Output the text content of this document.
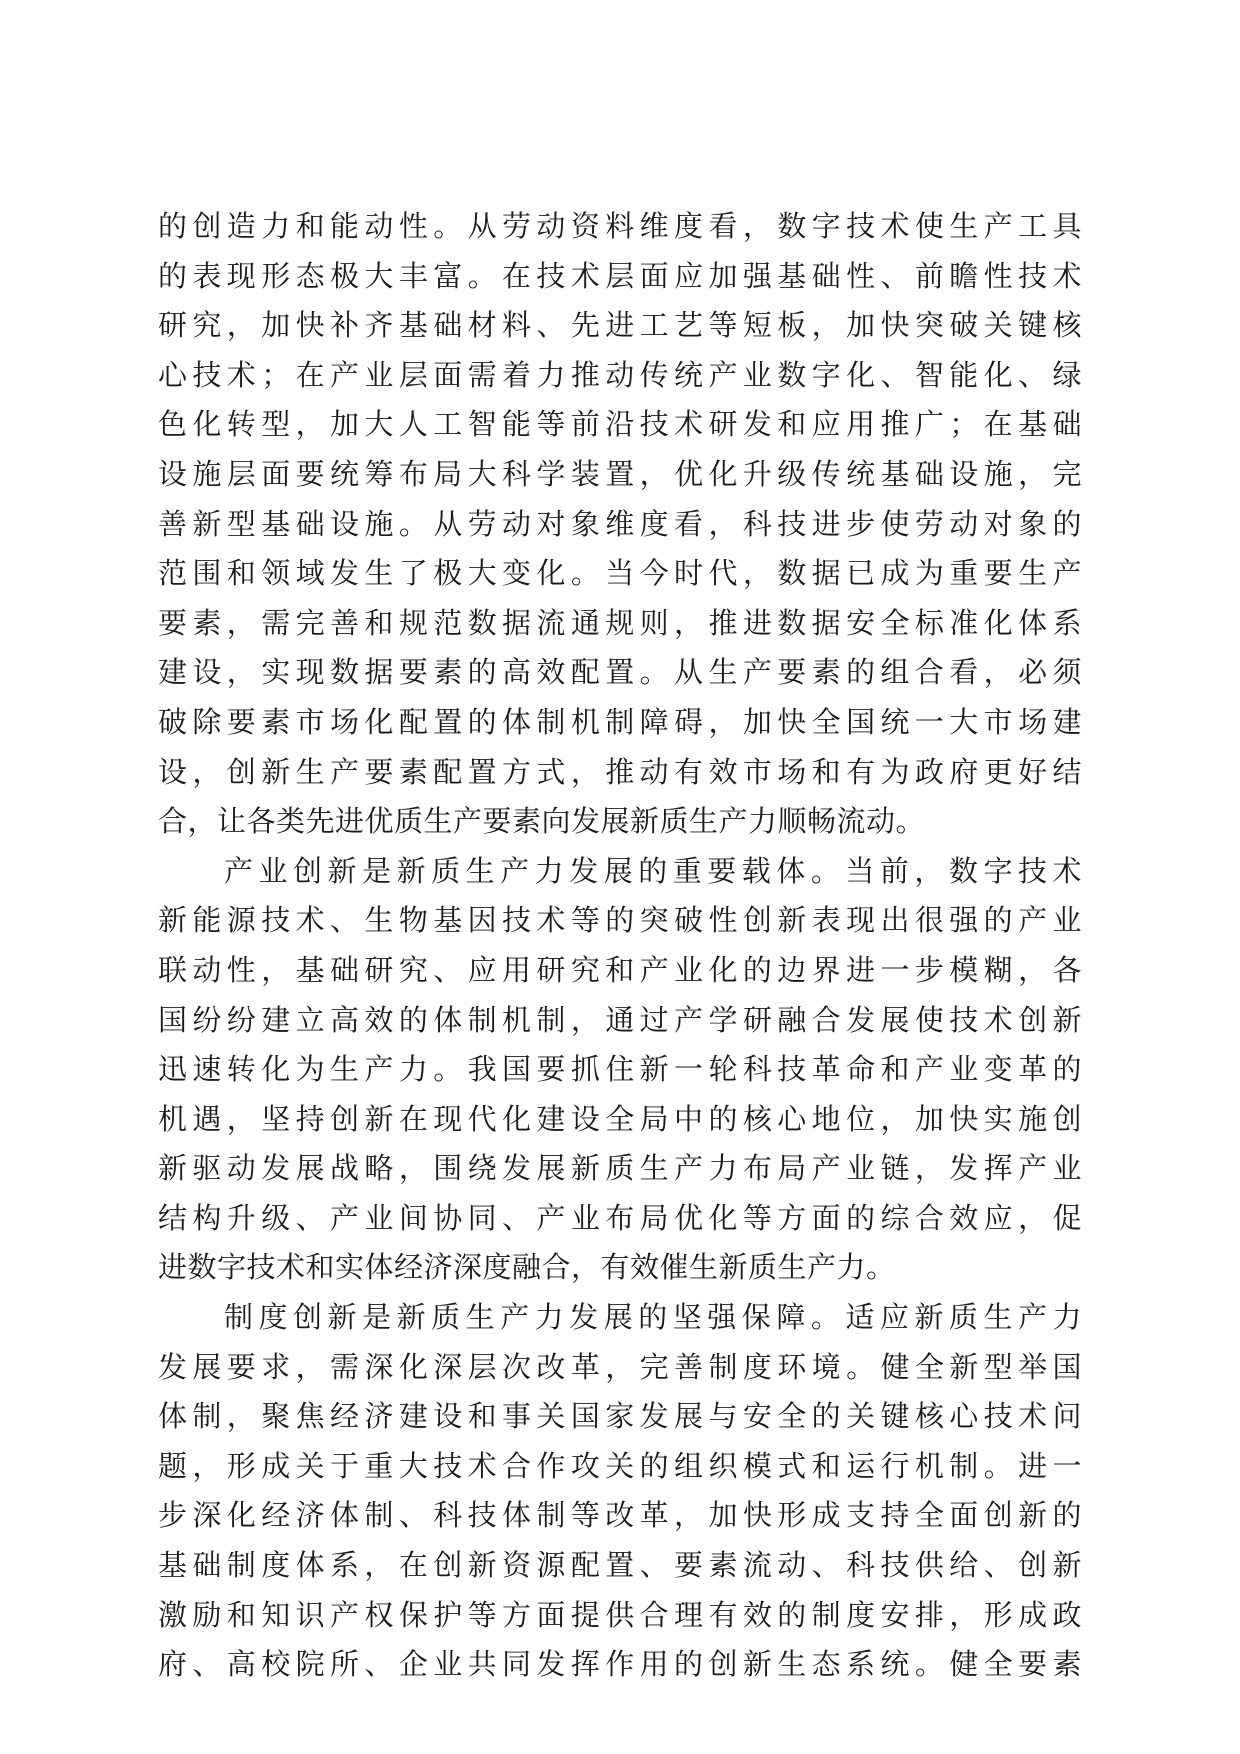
的创造力和能动性。从劳动资料维度看，数字技术使生产工具
的表现形态极大丰富。在技术层面应加强基础性、前瞻性技术
研究，加快补齐基础材料、先进工艺等短板，加快突破关键核
心技术；在产业层面需着力推动传统产业数字化、智能化、绿
色化转型，加大人工智能等前沿技术研发和应用推广；在基础
设施层面要统筹布局大科学装置，优化升级传统基础设施，完
善新型基础设施。从劳动对象维度看，科技进步使劳动对象的
范围和领域发生了极大变化。当今时代，数据已成为重要生产
要素，需完善和规范数据流通规则，推进数据安全标准化体系
建设，实现数据要素的高效配置。从生产要素的组合看，必须
破除要素市场化配置的体制机制障碍，加快全国统一大市场建
设，创新生产要素配置方式，推动有效市场和有为政府更好结
合，让各类先进优质生产要素向发展新质生产力顺畅流动。
产业创新是新质生产力发展的重要载体。当前，数字技术
新能源技术、生物基因技术等的突破性创新表现出很强的产业
联动性，基础研究、应用研究和产业化的边界进一步模糊，各
国纷纷建立高效的体制机制，通过产学研融合发展使技术创新
迅速转化为生产力。我国要抓住新一轮科技革命和产业变革的
机遇，坚持创新在现代化建设全局中的核心地位，加快实施创
新驱动发展战略，围绕发展新质生产力布局产业链，发挥产业
结构升级、产业间协同、产业布局优化等方面的综合效应，促
进数字技术和实体经济深度融合，有效催生新质生产力。
制度创新是新质生产力发展的坚强保障。适应新质生产力
发展要求，需深化深层次改革，完善制度环境。健全新型举国
体制，聚焦经济建设和事关国家发展与安全的关键核心技术问
题，形成关于重大技术合作攻关的组织模式和运行机制。进一
步深化经济体制、科技体制等改革，加快形成支持全面创新的
基础制度体系，在创新资源配置、要素流动、科技供给、创新
激励和知识产权保护等方面提供合理有效的制度安排，形成政
府、高校院所、企业共同发挥作用的创新生态系统。健全要素
